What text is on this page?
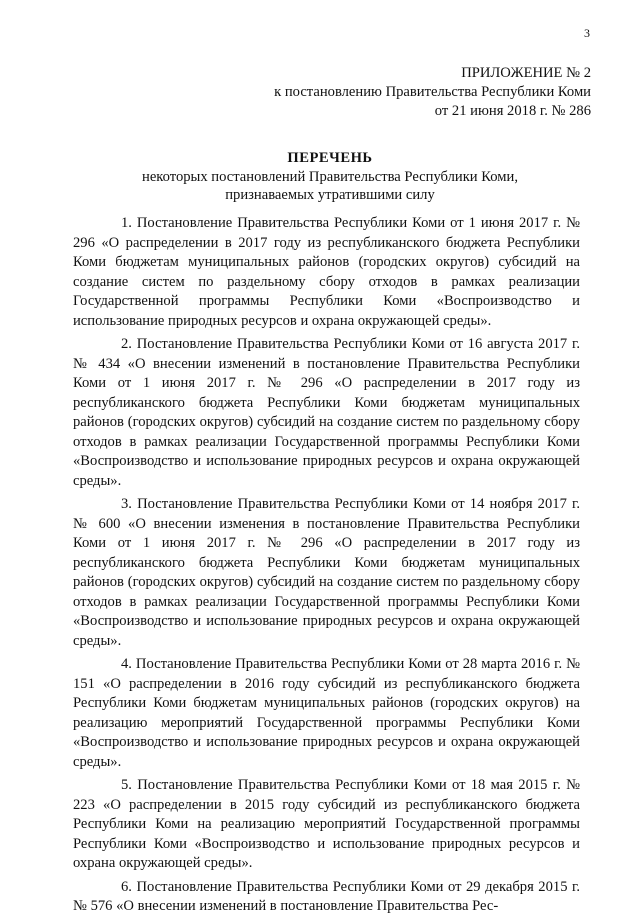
3
ПРИЛОЖЕНИЕ № 2
к постановлению Правительства Республики Коми
от 21 июня 2018 г. № 286
ПЕРЕЧЕНЬ
некоторых постановлений Правительства Республики Коми,
признаваемых утратившими силу

1. Постановление Правительства Республики Коми от 1 июня 2017 г. № 296 «О распределении в 2017 году из республиканского бюджета Республики Коми бюджетам муниципальных районов (городских округов) субсидий на создание систем по раздельному сбору отходов в рамках реализации Государственной программы Республики Коми «Воспроизводство и использование природных ресурсов и охрана окружающей среды».

2. Постановление Правительства Республики Коми от 16 августа 2017 г. № 434 «О внесении изменений в постановление Правительства Республики Коми от 1 июня 2017 г. № 296 «О распределении в 2017 году из республиканского бюджета Республики Коми бюджетам муниципальных районов (городских округов) субсидий на создание систем по раздельному сбору отходов в рамках реализации Государственной программы Республики Коми «Воспроизводство и использование природных ресурсов и охрана окружающей среды».

3. Постановление Правительства Республики Коми от 14 ноября 2017 г. № 600 «О внесении изменения в постановление Правительства Республики Коми от 1 июня 2017 г. № 296 «О распределении в 2017 году из республиканского бюджета Республики Коми бюджетам муниципальных районов (городских округов) субсидий на создание систем по раздельному сбору отходов в рамках реализации Государственной программы Республики Коми «Воспроизводство и использование природных ресурсов и охрана окружающей среды».

4. Постановление Правительства Республики Коми от 28 марта 2016 г. № 151 «О распределении в 2016 году субсидий из республиканского бюджета Республики Коми бюджетам муниципальных районов (городских округов) на реализацию мероприятий Государственной программы Республики Коми «Воспроизводство и использование природных ресурсов и охрана окружающей среды».

5. Постановление Правительства Республики Коми от 18 мая 2015 г. № 223 «О распределении в 2015 году субсидий из республиканского бюджета Республики Коми на реализацию мероприятий Государственной программы Республики Коми «Воспроизводство и использование природных ресурсов и охрана окружающей среды».

6. Постановление Правительства Республики Коми от 29 декабря 2015 г. № 576 «О внесении изменений в постановление Правительства Рес-
